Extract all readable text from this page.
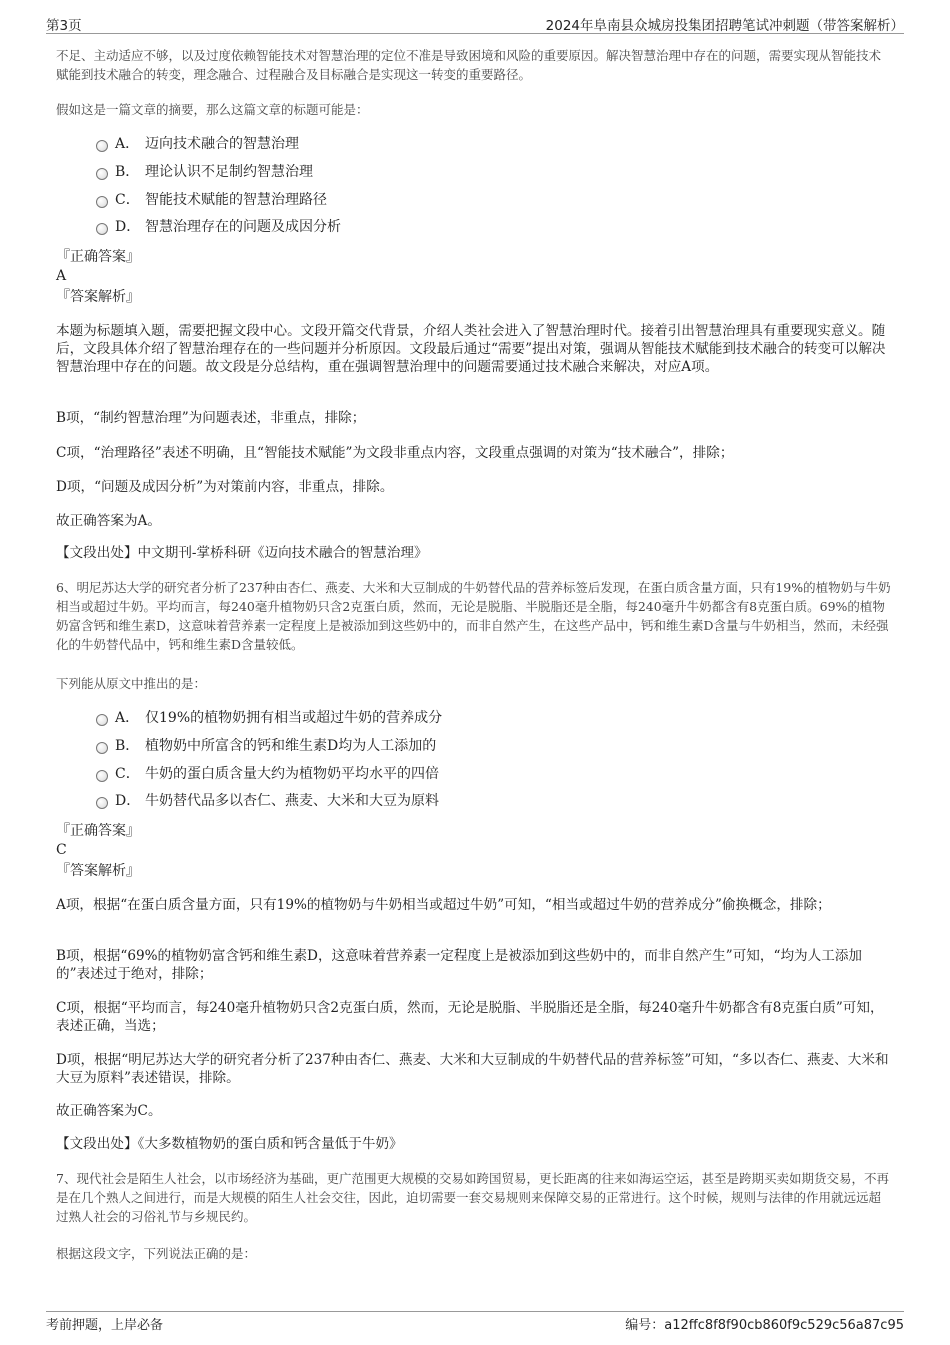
第3页	2024年阜南县众城房投集团招聘笔试冲刺题（带答案解析）
不足、主动适应不够，以及过度依赖智能技术对智慧治理的定位不准是导致困境和风险的重要原因。解决智慧治理中存在的问题，需要实现从智能技术赋能到技术融合的转变，理念融合、过程融合及目标融合是实现这一转变的重要路径。
假如这是一篇文章的摘要，那么这篇文章的标题可能是：
A． 迈向技术融合的智慧治理
B． 理论认识不足制约智慧治理
C． 智能技术赋能的智慧治理路径
D． 智慧治理存在的问题及成因分析
『正确答案』
A
『答案解析』
本题为标题填入题，需要把握文段中心。文段开篇交代背景，介绍人类社会进入了智慧治理时代。接着引出智慧治理具有重要现实意义。随后，文段具体介绍了智慧治理存在的一些问题并分析原因。文段最后通过“需要”提出对策，强调从智能技术赋能到技术融合的转变可以解决智慧治理中存在的问题。故文段是分总结构，重在强调智慧治理中的问题需要通过技术融合来解决，对应A项。
B项，“制约智慧治理”为问题表述，非重点，排除；
C项，“治理路径”表述不明确，且“智能技术赋能”为文段非重点内容，文段重点强调的对策为“技术融合”，排除；
D项，“问题及成因分析”为对策前内容，非重点，排除。
故正确答案为A。
【文段出处】中文期刊-掌桥科研《迈向技术融合的智慧治理》
6、明尼苏达大学的研究者分析了237种由杏仁、燕麦、大米和大豆制成的牛奶替代品的营养标签后发现，在蛋白质含量方面，只有19%的植物奶与牛奶相当或超过牛奶。平均而言，每240毫升植物奶只含2克蛋白质，然而，无论是脱脂、半脱脂还是全脂，每240毫升牛奶都含有8克蛋白质。69%的植物奶富含钙和维生素D，这意味着营养素一定程度上是被添加到这些奶中的，而非自然产生，在这些产品中，钙和维生素D含量与牛奶相当，然而，未经强化的牛奶替代品中，钙和维生素D含量较低。
下列能从原文中推出的是：
A． 仅19%的植物奶拥有相当或超过牛奶的营养成分
B． 植物奶中所富含的钙和维生素D均为人工添加的
C． 牛奶的蛋白质含量大约为植物奶平均水平的四倍
D． 牛奶替代品多以杏仁、燕麦、大米和大豆为原料
『正确答案』
C
『答案解析』
A项，根据“在蛋白质含量方面，只有19%的植物奶与牛奶相当或超过牛奶”可知，“相当或超过牛奶的营养成分”偷换概念，排除；
B项，根据“69%的植物奶富含钙和维生素D，这意味着营养素一定程度上是被添加到这些奶中的，而非自然产生”可知，“均为人工添加的”表述过于绝对，排除；
C项，根据“平均而言，每240毫升植物奶只含2克蛋白质，然而，无论是脱脂、半脱脂还是全脂，每240毫升牛奶都含有8克蛋白质”可知，表述正确，当选；
D项，根据“明尼苏达大学的研究者分析了237种由杏仁、燕麦、大米和大豆制成的牛奶替代品的营养标签”可知，“多以杏仁、燕麦、大米和大豆为原料”表述错误，排除。
故正确答案为C。
【文段出处】《大多数植物奶的蛋白质和钙含量低于牛奶》
7、现代社会是陌生人社会，以市场经济为基础，更广范围更大规模的交易如跨国贸易，更长距离的往来如海运空运，甚至是跨期买卖如期货交易，不再是在几个熟人之间进行，而是大规模的陌生人社会交往，因此，迫切需要一套交易规则来保障交易的正常进行。这个时候，规则与法律的作用就远远超过熟人社会的习俗礼节与乡规民约。
根据这段文字，下列说法正确的是：
考前押题，上岸必备	编号：a12ffc8f8f90cb860f9c529c56a87c95
